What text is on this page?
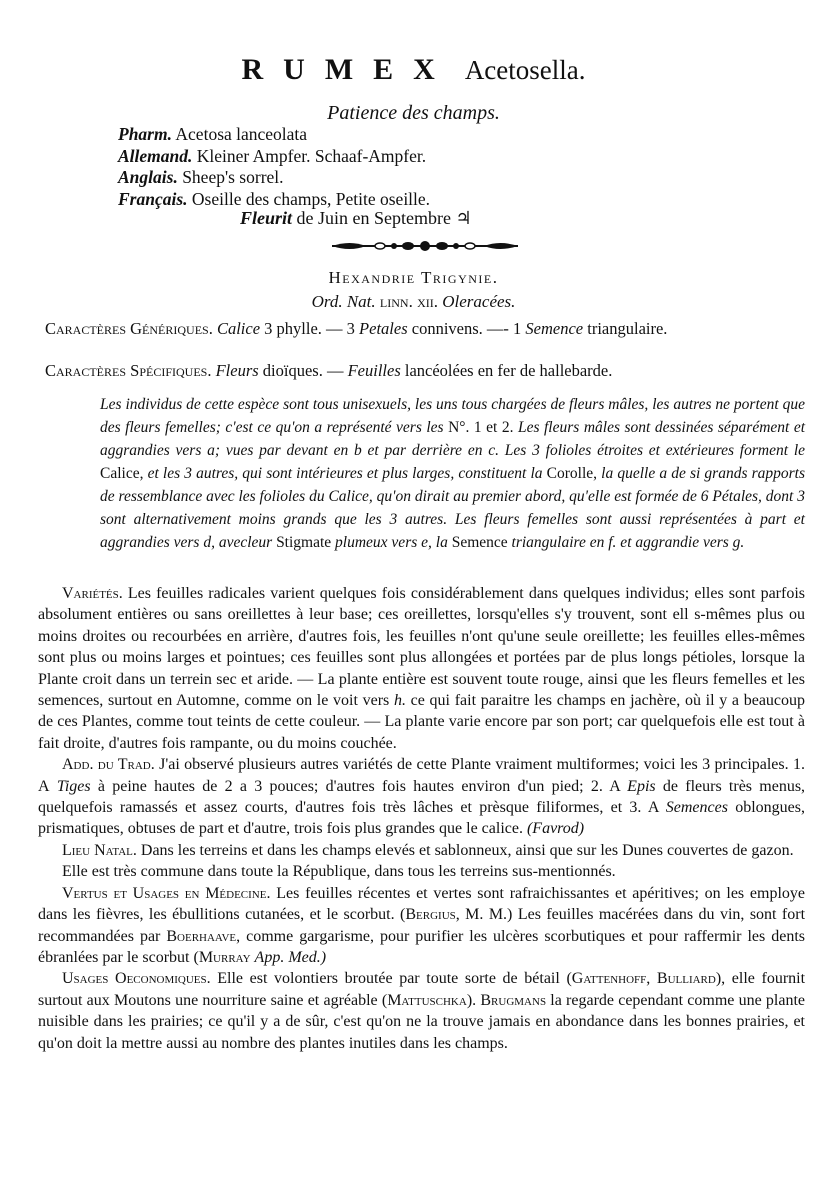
RUMEX Acetosella.
Patience des champs.
Pharm. Acetosa lanceolata
Allemand. Kleiner Ampfer. Schaaf-Ampfer.
Anglais. Sheep's sorrel.
Français. Oseille des champs, Petite oseille.
Fleurit de Juin en Septembre ♃
Hexandrie Trigynie.
Ord. Nat. linn. xii. Oleracées.
Caractères Génériques. Calice 3 phylle. — 3 Petales connivens. —- 1 Semence triangulaire.
Caractères Spécifiques. Fleurs dioïques. — Feuilles lancéolées en fer de hallebarde.
Les individus de cette espèce sont tous unisexuels, les uns tous chargées de fleurs mâles, les autres ne portent que des fleurs femelles; c'est ce qu'on a représenté vers les N°. 1 et 2. Les fleurs mâles sont dessinées séparément et aggrandies vers a; vues par devant en b et par derrière en c. Les 3 folioles étroites et extérieures forment le Calice, et les 3 autres, qui sont intérieures et plus larges, constituent la Corolle, la quelle a de si grands rapports de ressemblance avec les folioles du Calice, qu'on dirait au premier abord, qu'elle est formée de 6 Pétales, dont 3 sont alternativement moins grands que les 3 autres. Les fleurs femelles sont aussi représentées à part et aggrandies vers d, avecleur Stigmate plumeux vers e, la Semence triangulaire en f. et aggrandie vers g.

Variétés. Les feuilles radicales varient quelques fois considérablement dans quelques individus; elles sont parfois absolument entières ou sans oreillettes à leur base; ces oreillettes, lorsqu'elles s'y trouvent, sont ell s-mêmes plus ou moins droites ou recourbées en arrière, d'autres fois, les feuilles n'ont qu'une seule oreillette; les feuilles elles-mêmes sont plus ou moins larges et pointues; ces feuilles sont plus allongées et portées par de plus longs pétioles, lorsque la Plante croit dans un terrein sec et aride. — La plante entière est souvent toute rouge, ainsi que les fleurs femelles et les semences, surtout en Automne, comme on le voit vers h. ce qui fait paraitre les champs en jachère, où il y a beaucoup de ces Plantes, comme tout teints de cette couleur. — La plante varie encore par son port; car quelquefois elle est tout à fait droite, d'autres fois rampante, ou du moins couchée.

Add. du Trad. J'ai observé plusieurs autres variétés de cette Plante vraiment multiformes; voici les 3 principales. 1. A Tiges à peine hautes de 2 a 3 pouces; d'autres fois hautes environ d'un pied; 2. A Epis de fleurs très menus, quelquefois ramassés et assez courts, d'autres fois très lâches et prèsque filiformes, et 3. A Semences oblongues, prismatiques, obtuses de part et d'autre, trois fois plus grandes que le calice. (Favrod)

Lieu Natal. Dans les terreins et dans les champs elevés et sablonneux, ainsi que sur les Dunes couvertes de gazon.

Elle est très commune dans toute la République, dans tous les terreins sus-mentionnés.

Vertus et Usages en Médecine. Les feuilles récentes et vertes sont rafraichissantes et apéritives; on les employe dans les fièvres, les ébullitions cutanées, et le scorbut. (Bergius, M. M.) Les feuilles macérées dans du vin, sont fort recommandées par Boerhaave, comme gargarisme, pour purifier les ulcères scorbutiques et pour raffermir les dents ébranlées par le scorbut (Murray App. Med.)

Usages Oeconomiques. Elle est volontiers broutée par toute sorte de bétail (Gattenhoff, Bulliard), elle fournit surtout aux Moutons une nourriture saine et agréable (Mattuschka). Brugmans la regarde cependant comme une plante nuisible dans les prairies; ce qu'il y a de sûr, c'est qu'on ne la trouve jamais en abondance dans les bonnes prairies, et qu'on doit la mettre aussi au nombre des plantes inutiles dans les champs.
